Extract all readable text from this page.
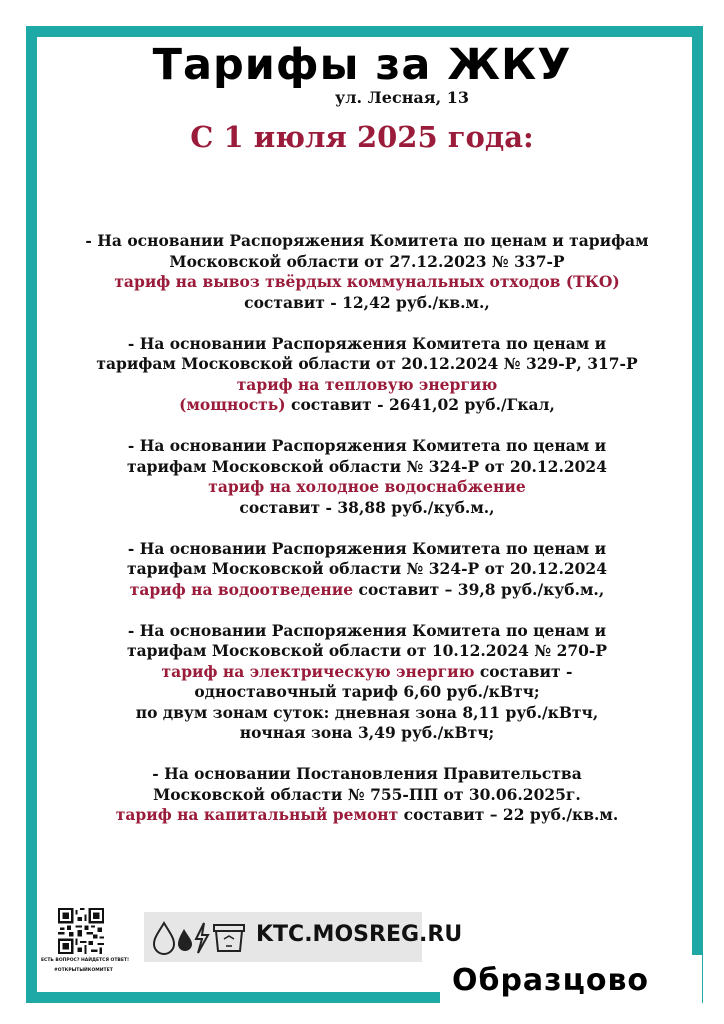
Тарифы за ЖКУ
ул. Лесная, 13
С 1 июля 2025 года:
- На основании Распоряжения Комитета по ценам и тарифам
Московской области от 27.12.2023 № 337-Р
тариф на вывоз твёрдых коммунальных отходов (ТКО)
составит - 12,42 руб./кв.м.,
- На основании Распоряжения Комитета по ценам и
тарифам Московской области от 20.12.2024 № 329-Р, 317-Р
тариф на тепловую энергию
(мощность) составит - 2641,02 руб./Гкал,
- На основании Распоряжения Комитета по ценам и
тарифам Московской области № 324-Р от 20.12.2024
тариф на холодное водоснабжение
составит - 38,88 руб./куб.м.,
- На основании Распоряжения Комитета по ценам и
тарифам Московской области № 324-Р от 20.12.2024
тариф на водоотведение составит – 39,8 руб./куб.м.,
- На основании Распоряжения Комитета по ценам и
тарифам Московской области от 10.12.2024 № 270-Р
тариф на электрическую энергию составит -
одноставочный тариф 6,60 руб./кВтч;
по двум зонам суток: дневная зона 8,11 руб./кВтч,
ночная зона 3,49 руб./кВтч;
- На основании Постановления Правительства
Московской области № 755-ПП от 30.06.2025г.
тариф на капитальный ремонт составит – 22 руб./кв.м.
ЕСТЬ ВОПРОС? НАЙДЕТСЯ ОТВЕТ!
#ОТКРЫТЫЙКОМИТЕТ
KTC.MOSREG.RU
Образцово
